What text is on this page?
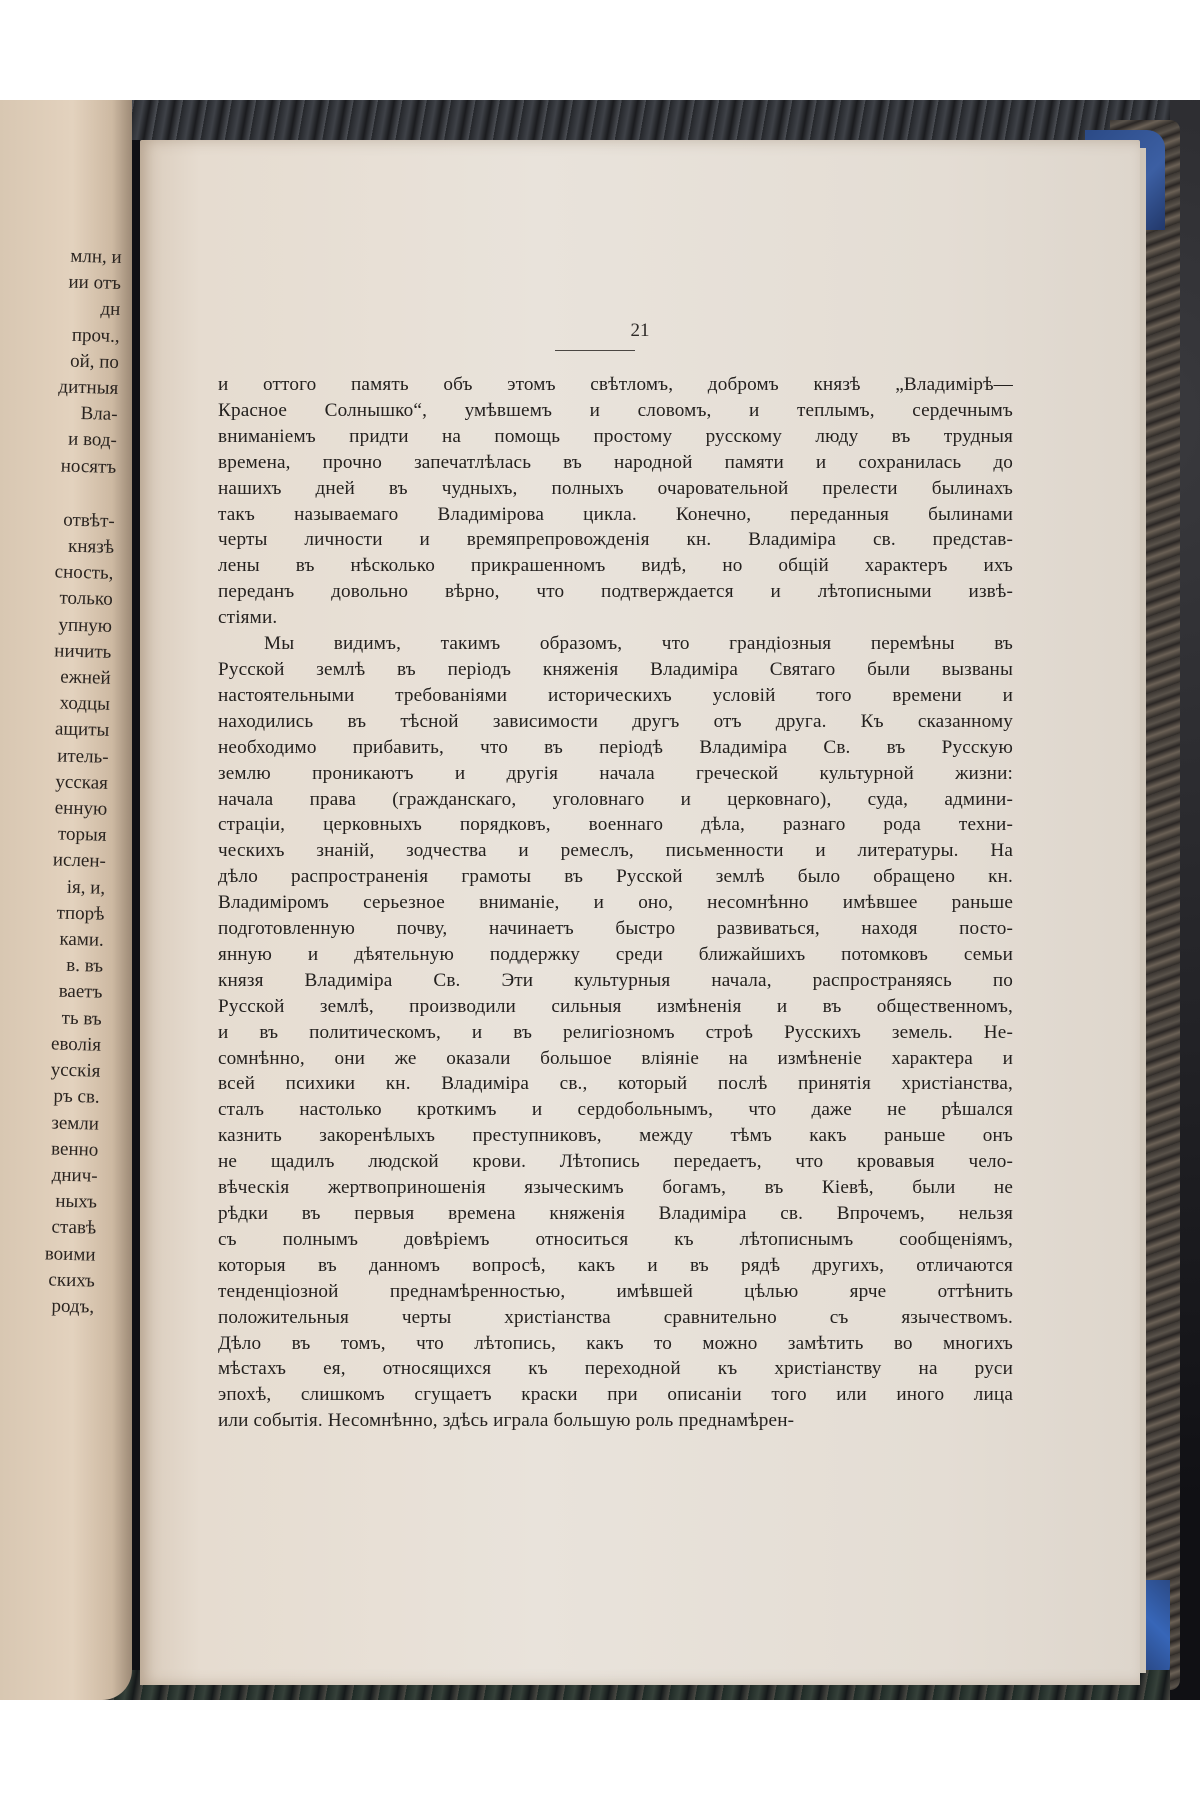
млн, и
ии отъ
дн
проч.,
ой, по
дитныя
Вла-
и вод-
носятъ
отвѣт-
князѣ
сность,
только
упную
ничить
ежней
ходцы
ащиты
итель-
усская
енную
торыя
ислен-
ія, и,
тпорѣ
ками.
в. въ
ваетъ
ть въ
еволія
усскія
ръ св.
земли
венно
днич-
ныхъ
ставѣ
воими
скихъ
родъ,
21
и оттого память объ этомъ свѣтломъ, добромъ князѣ „Владимірѣ—
Красное Солнышко“, умѣвшемъ и словомъ, и теплымъ, сердечнымъ
вниманіемъ придти на помощь простому русскому люду въ трудныя
времена, прочно запечатлѣлась въ народной памяти и сохранилась до
нашихъ дней въ чудныхъ, полныхъ очаровательной прелести былинахъ
такъ называемаго Владимірова цикла. Конечно, переданныя былинами
черты личности и времяпрепровожденія кн. Владиміра св. представ-
лены въ нѣсколько прикрашенномъ видѣ, но общій характеръ ихъ
переданъ довольно вѣрно, что подтверждается и лѣтописными извѣ-
стіями.
Мы видимъ, такимъ образомъ, что грандіозныя перемѣны въ
Русской землѣ въ періодъ княженія Владиміра Святаго были вызваны
настоятельными требованіями историческихъ условій того времени и
находились въ тѣсной зависимости другъ отъ друга. Къ сказанному
необходимо прибавить, что въ періодѣ Владиміра Св. въ Русскую
землю проникаютъ и другія начала греческой культурной жизни:
начала права (гражданскаго, уголовнаго и церковнаго), суда, админи-
страціи, церковныхъ порядковъ, военнаго дѣла, разнаго рода техни-
ческихъ знаній, зодчества и ремеслъ, письменности и литературы. На
дѣло распространенія грамоты въ Русской землѣ было обращено кн.
Владиміромъ серьезное вниманіе, и оно, несомнѣнно имѣвшее раньше
подготовленную почву, начинаетъ быстро развиваться, находя посто-
янную и дѣятельную поддержку среди ближайшихъ потомковъ семьи
князя Владиміра Св. Эти культурныя начала, распространяясь по
Русской землѣ, производили сильныя измѣненія и въ общественномъ,
и въ политическомъ, и въ религіозномъ строѣ Русскихъ земель. Не-
сомнѣнно, они же оказали большое вліяніе на измѣненіе характера и
всей психики кн. Владиміра св., который послѣ принятія христіанства,
сталъ настолько кроткимъ и сердобольнымъ, что даже не рѣшался
казнить закоренѣлыхъ преступниковъ, между тѣмъ какъ раньше онъ
не щадилъ людской крови. Лѣтопись передаетъ, что кровавыя чело-
вѣческія жертвоприношенія языческимъ богамъ, въ Кіевѣ, были не
рѣдки въ первыя времена княженія Владиміра св. Впрочемъ, нельзя
съ полнымъ довѣріемъ относиться къ лѣтописнымъ сообщеніямъ,
которыя въ данномъ вопросѣ, какъ и въ рядѣ другихъ, отличаются
тенденціозной преднамѣренностью, имѣвшей цѣлью ярче оттѣнить
положительныя черты христіанства сравнительно съ язычествомъ.
Дѣло въ томъ, что лѣтопись, какъ то можно замѣтить во многихъ
мѣстахъ ея, относящихся къ переходной къ христіанству на руси
эпохѣ, слишкомъ сгущаетъ краски при описаніи того или иного лица
или событія. Несомнѣнно, здѣсь играла большую роль преднамѣрен-
